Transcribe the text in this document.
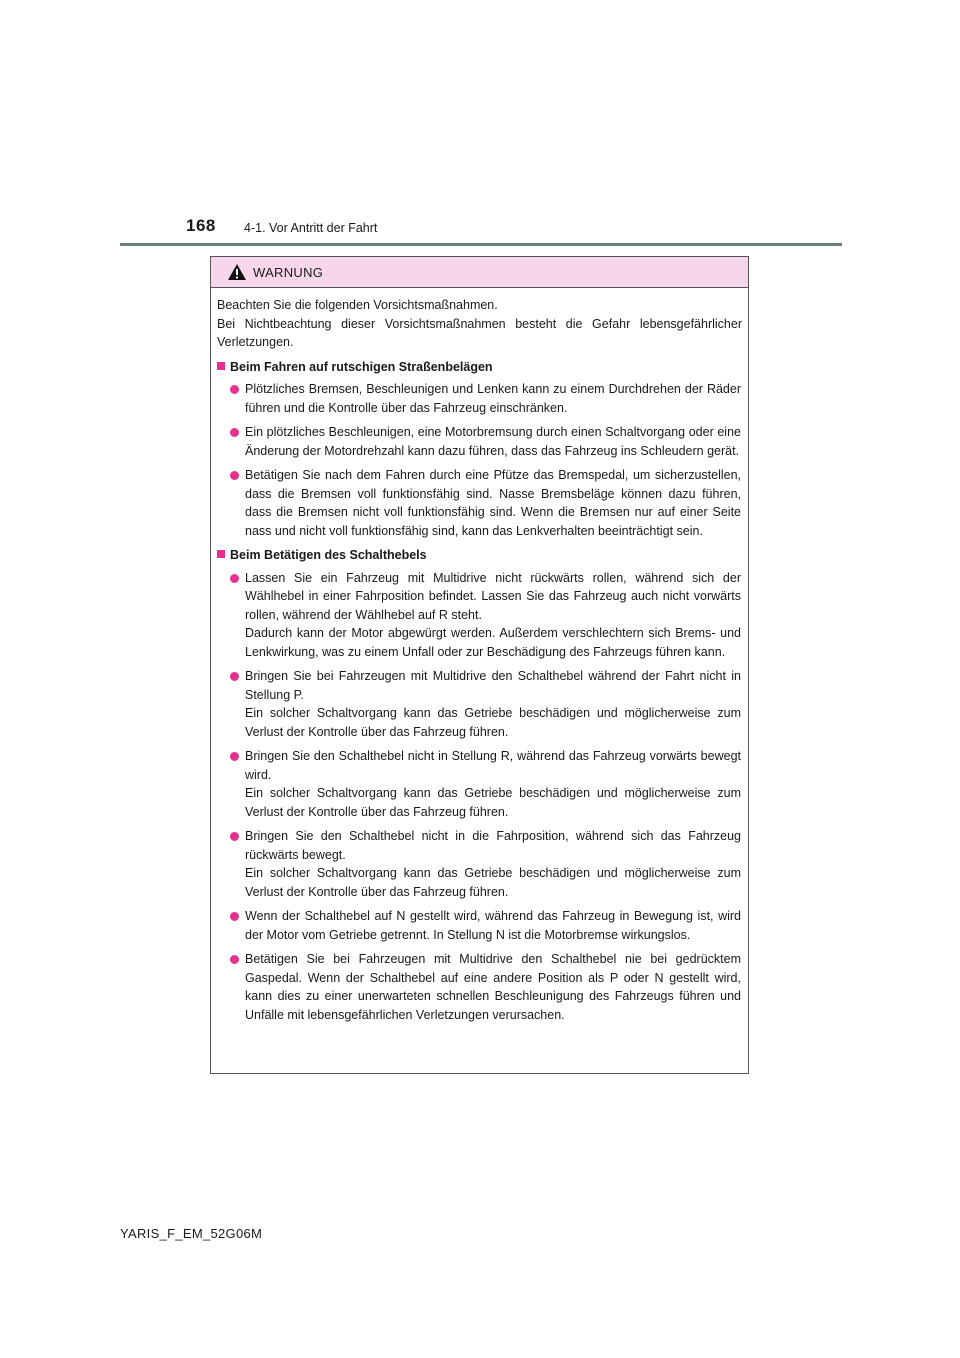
168 4-1. Vor Antritt der Fahrt
WARNUNG
Beachten Sie die folgenden Vorsichtsmaßnahmen.
Bei Nichtbeachtung dieser Vorsichtsmaßnahmen besteht die Gefahr lebensgefährlicher Verletzungen.
Beim Fahren auf rutschigen Straßenbelägen

Plötzliches Bremsen, Beschleunigen und Lenken kann zu einem Durchdrehen der Räder führen und die Kontrolle über das Fahrzeug einschränken.

Ein plötzliches Beschleunigen, eine Motorbremsung durch einen Schaltvorgang oder eine Änderung der Motordrehzahl kann dazu führen, dass das Fahrzeug ins Schleudern gerät.

Betätigen Sie nach dem Fahren durch eine Pfütze das Bremspedal, um sicherzustellen, dass die Bremsen voll funktionsfähig sind. Nasse Bremsbeläge können dazu führen, dass die Bremsen nicht voll funktionsfähig sind. Wenn die Bremsen nur auf einer Seite nass und nicht voll funktionsfähig sind, kann das Lenkverhalten beeinträchtigt sein.

Beim Betätigen des Schalthebels

Lassen Sie ein Fahrzeug mit Multidrive nicht rückwärts rollen, während sich der Wählhebel in einer Fahrposition befindet. Lassen Sie das Fahrzeug auch nicht vorwärts rollen, während der Wählhebel auf R steht.

Dadurch kann der Motor abgewürgt werden. Außerdem verschlechtern sich Brems- und Lenkwirkung, was zu einem Unfall oder zur Beschädigung des Fahrzeugs führen kann.

Bringen Sie bei Fahrzeugen mit Multidrive den Schalthebel während der Fahrt nicht in Stellung P.

Ein solcher Schaltvorgang kann das Getriebe beschädigen und möglicherweise zum Verlust der Kontrolle über das Fahrzeug führen.

Bringen Sie den Schalthebel nicht in Stellung R, während das Fahrzeug vorwärts bewegt wird.

Ein solcher Schaltvorgang kann das Getriebe beschädigen und möglicherweise zum Verlust der Kontrolle über das Fahrzeug führen.

Bringen Sie den Schalthebel nicht in die Fahrposition, während sich das Fahrzeug rückwärts bewegt.

Ein solcher Schaltvorgang kann das Getriebe beschädigen und möglicherweise zum Verlust der Kontrolle über das Fahrzeug führen.

Wenn der Schalthebel auf N gestellt wird, während das Fahrzeug in Bewegung ist, wird der Motor vom Getriebe getrennt. In Stellung N ist die Motorbremse wirkungslos.

Betätigen Sie bei Fahrzeugen mit Multidrive den Schalthebel nie bei gedrücktem Gaspedal. Wenn der Schalthebel auf eine andere Position als P oder N gestellt wird, kann dies zu einer unerwarteten schnellen Beschleunigung des Fahrzeugs führen und Unfälle mit lebensgefährlichen Verletzungen verursachen.

YARIS_F_EM_52G06M
